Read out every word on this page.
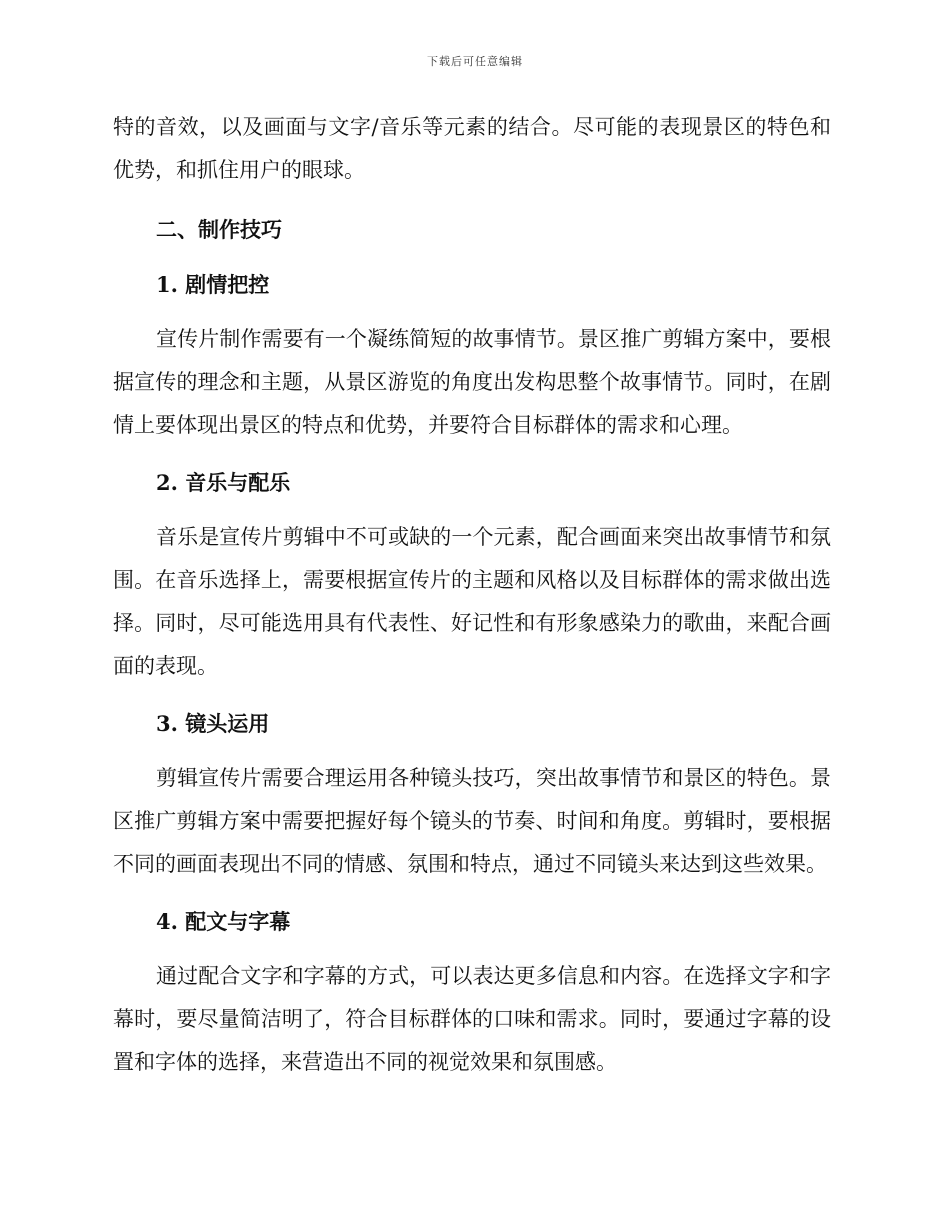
下载后可任意编辑

特的音效，以及画面与文字/音乐等元素的结合。尽可能的表现景区的特色和优势，和抓住用户的眼球。

二、制作技巧
1. 剧情把控

宣传片制作需要有一个凝练简短的故事情节。景区推广剪辑方案中，要根据宣传的理念和主题，从景区游览的角度出发构思整个故事情节。同时，在剧情上要体现出景区的特点和优势，并要符合目标群体的需求和心理。

2. 音乐与配乐

音乐是宣传片剪辑中不可或缺的一个元素，配合画面来突出故事情节和氛围。在音乐选择上，需要根据宣传片的主题和风格以及目标群体的需求做出选择。同时，尽可能选用具有代表性、好记性和有形象感染力的歌曲，来配合画面的表现。

3. 镜头运用

剪辑宣传片需要合理运用各种镜头技巧，突出故事情节和景区的特色。景区推广剪辑方案中需要把握好每个镜头的节奏、时间和角度。剪辑时，要根据不同的画面表现出不同的情感、氛围和特点，通过不同镜头来达到这些效果。

4. 配文与字幕

通过配合文字和字幕的方式，可以表达更多信息和内容。在选择文字和字幕时，要尽量简洁明了，符合目标群体的口味和需求。同时，要通过字幕的设置和字体的选择，来营造出不同的视觉效果和氛围感。
